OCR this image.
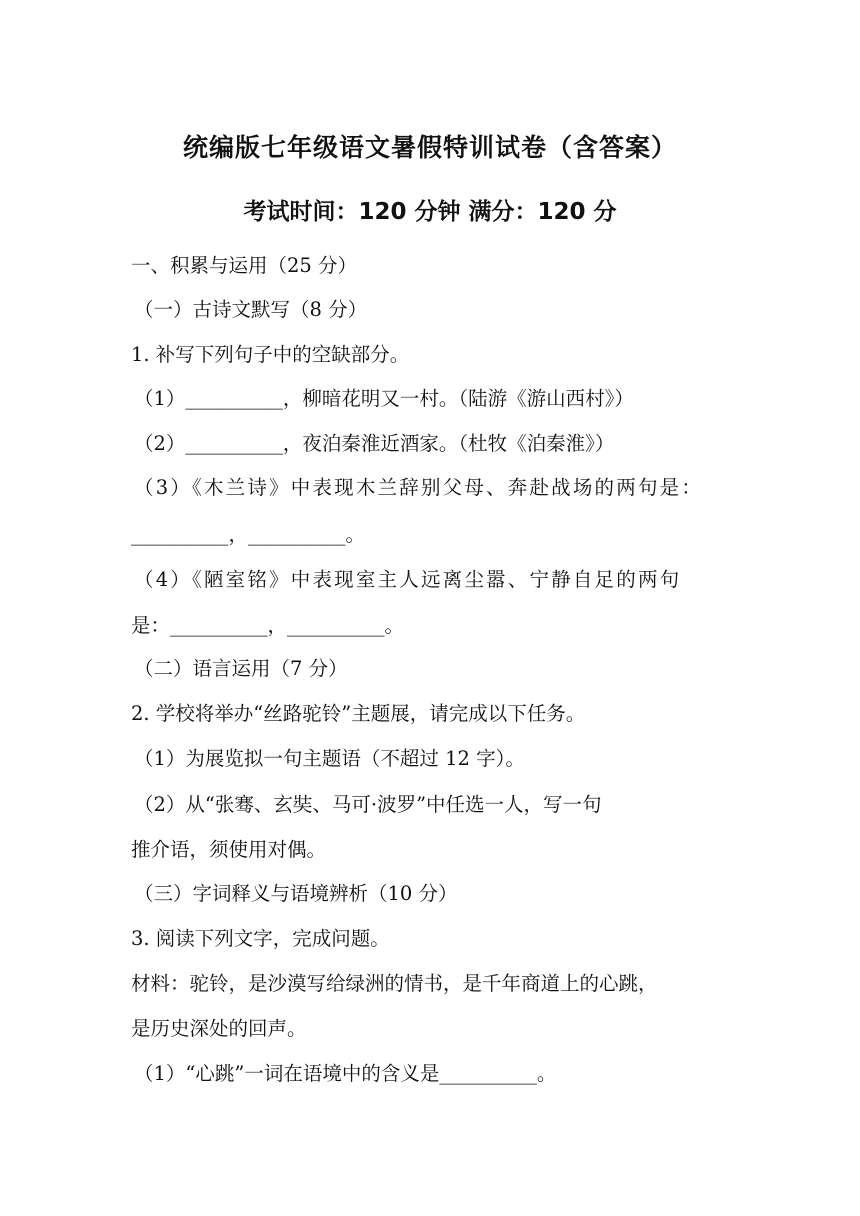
统编版七年级语文暑假特训试卷（含答案）
考试时间：120 分钟 满分：120 分
一、积累与运用（25 分）
（一）古诗文默写（8 分）
1. 补写下列句子中的空缺部分。
（1）__________，柳暗花明又一村。（陆游《游山西村》）
（2）__________，夜泊秦淮近酒家。（杜牧《泊秦淮》）
（3）《木兰诗》中表现木兰辞别父母、奔赴战场的两句是：
__________，__________。
（4）《陋室铭》中表现室主人远离尘嚣、宁静自足的两句
是：__________，__________。
（二）语言运用（7 分）
2. 学校将举办“丝路驼铃”主题展，请完成以下任务。
（1）为展览拟一句主题语（不超过 12 字）。
（2）从“张骞、玄奘、马可·波罗”中任选一人，写一句
推介语，须使用对偶。
（三）字词释义与语境辨析（10 分）
3. 阅读下列文字，完成问题。
材料：驼铃，是沙漠写给绿洲的情书，是千年商道上的心跳，
是历史深处的回声。
（1）“心跳”一词在语境中的含义是__________。
